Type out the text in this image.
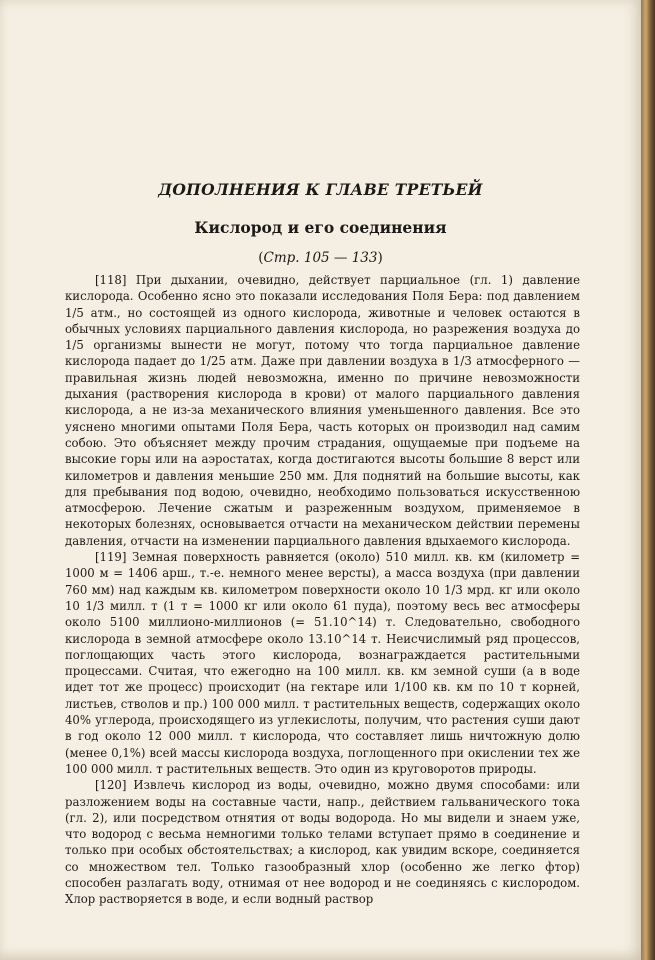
ДОПОЛНЕНИЯ К ГЛАВЕ ТРЕТЬЕЙ
Кислород и его соединения
(Стр. 105 — 133)

[118] При дыхании, очевидно, действует парциальное (гл. 1) давление кислорода. Особенно ясно это показали исследования Поля Бера: под давлением 1/5 атм., но состоящей из одного кислорода, животные и человек остаются в обычных условиях парциального давления кислорода, но разрежения воздуха до 1/5 организмы вынести не могут, потому что тогда парциальное давление кислорода падает до 1/25 атм. Даже при давлении воздуха в 1/3 атмосферного — правильная жизнь людей невозможна, именно по причине невозможности дыхания (растворения кислорода в крови) от малого парциального давления кислорода, а не из-за механического влияния уменьшенного давления. Все это уяснено многими опытами Поля Бера, часть которых он производил над самим собою. Это объясняет между прочим страдания, ощущаемые при подъеме на высокие горы или на аэростатах, когда достигаются высоты большие 8 верст или километров и давления меньшие 250 мм. Для поднятий на большие высоты, как для пребывания под водою, очевидно, необходимо пользоваться искусственною атмосферою. Лечение сжатым и разреженным воздухом, применяемое в некоторых болезнях, основывается отчасти на механическом действии перемены давления, отчасти на изменении парциального давления вдыхаемого кислорода.

[119] Земная поверхность равняется (около) 510 милл. кв. км (километр = 1000 м = 1406 арш., т.-е. немного менее версты), а масса воздуха (при давлении 760 мм) над каждым кв. километром поверхности около 10 1/3 мрд. кг или около 10 1/3 милл. т (1 т = 1000 кг или около 61 пуда), поэтому весь вес атмосферы около 5100 миллионо-миллионов (= 51.10^14) т. Следовательно, свободного кислорода в земной атмосфере около 13.10^14 т. Неисчислимый ряд процессов, поглощающих часть этого кислорода, вознаграждается растительными процессами. Считая, что ежегодно на 100 милл. кв. км земной суши (а в воде идет тот же процесс) происходит (на гектаре или 1/100 кв. км по 10 т корней, листьев, стволов и пр.) 100 000 милл. т растительных веществ, содержащих около 40% углерода, происходящего из углекислоты, получим, что растения суши дают в год около 12 000 милл. т кислорода, что составляет лишь ничтожную долю (менее 0,1%) всей массы кислорода воздуха, поглощенного при окислении тех же 100 000 милл. т растительных веществ. Это один из круговоротов природы.

[120] Извлечь кислород из воды, очевидно, можно двумя способами: или разложением воды на составные части, напр., действием гальванического тока (гл. 2), или посредством отнятия от воды водорода. Но мы видели и знаем уже, что водород с весьма немногими только телами вступает прямо в соединение и только при особых обстоятельствах; а кислород, как увидим вскоре, соединяется со множеством тел. Только газообразный хлор (особенно же легко фтор) способен разлагать воду, отнимая от нее водород и не соединяясь с кислородом. Хлор растворяется в воде, и если водный раствор
